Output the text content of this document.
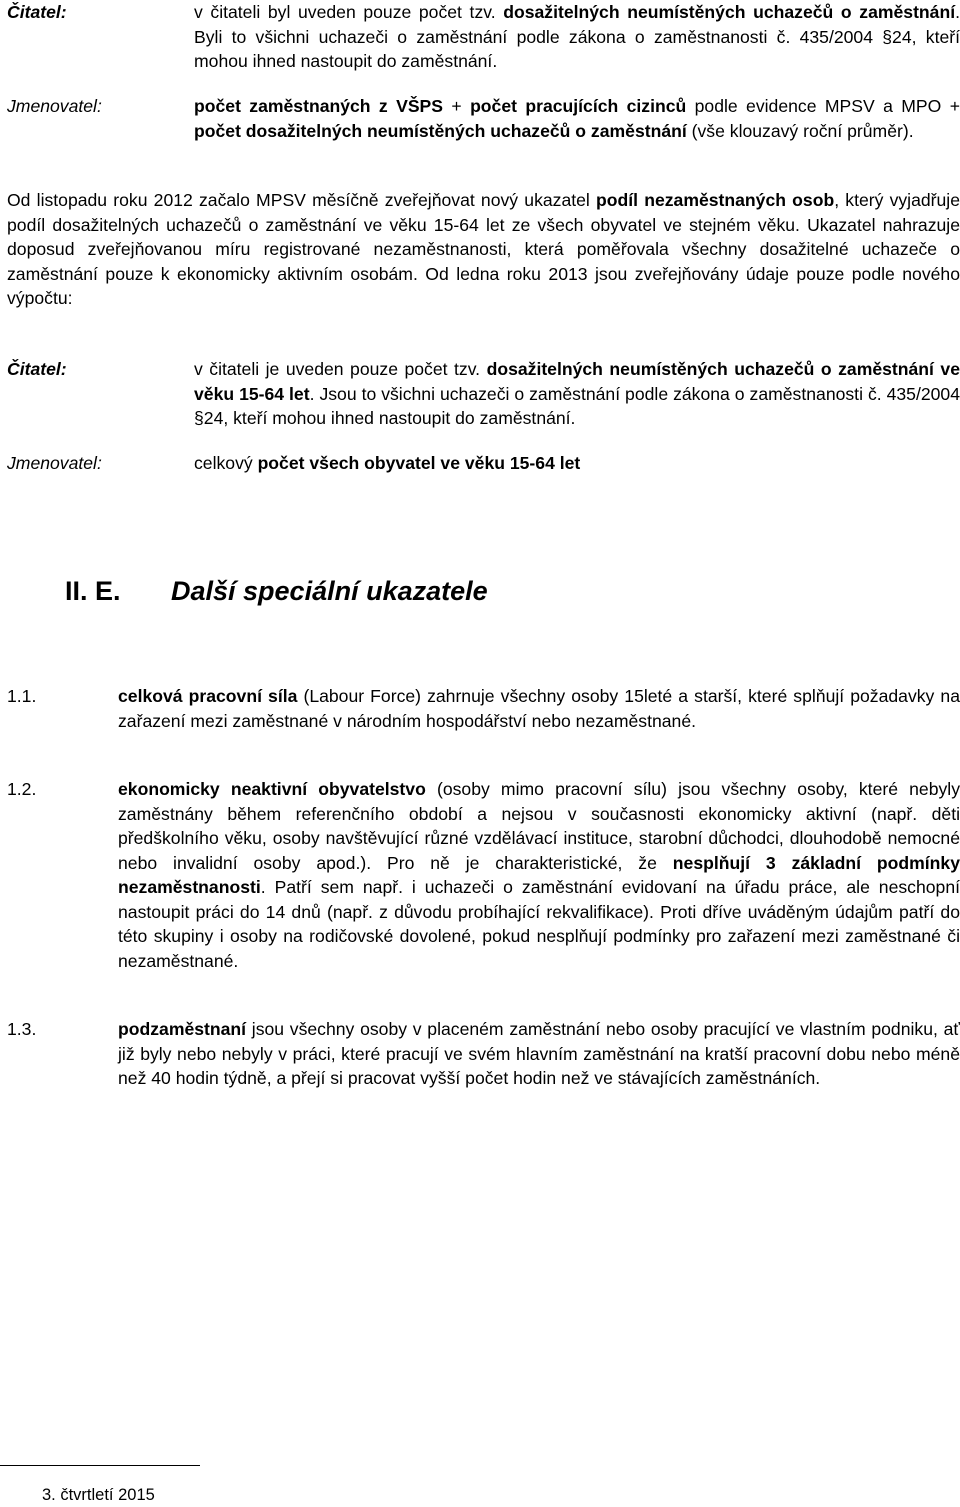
Čitatel:	v čitateli byl uveden pouze počet tzv. dosažitelných neumístěných uchazečů o zaměstnání. Byli to všichni uchazeči o zaměstnání podle zákona o zaměstnanosti č. 435/2004 §24, kteří mohou ihned nastoupit do zaměstnání.
Jmenovatel:	počet zaměstnaných z VŠPS + počet pracujících cizinců podle evidence MPSV a MPO + počet dosažitelných neumístěných uchazečů o zaměstnání (vše klouzavý roční průměr).
Od listopadu roku 2012 začalo MPSV měsíčně zveřejňovat nový ukazatel podíl nezaměstnaných osob, který vyjadřuje podíl dosažitelných uchazečů o zaměstnání ve věku 15-64 let ze všech obyvatel ve stejném věku. Ukazatel nahrazuje doposud zveřejňovanou míru registrované nezaměstnanosti, která poměřovala všechny dosažitelné uchazeče o zaměstnání pouze k ekonomicky aktivním osobám. Od ledna roku 2013 jsou zveřejňovány údaje pouze podle nového výpočtu:
Čitatel:	v čitateli je uveden pouze počet tzv. dosažitelných neumístěných uchazečů o zaměstnání ve věku 15-64 let. Jsou to všichni uchazeči o zaměstnání podle zákona o zaměstnanosti č. 435/2004 §24, kteří mohou ihned nastoupit do zaměstnání.
Jmenovatel:	celkový počet všech obyvatel ve věku 15-64 let
II. E. Další speciální ukazatele
1.1.	celková pracovní síla (Labour Force) zahrnuje všechny osoby 15leté a starší, které splňují požadavky na zařazení mezi zaměstnané v národním hospodářství nebo nezaměstnané.
1.2.	ekonomicky neaktivní obyvatelstvo (osoby mimo pracovní sílu) jsou všechny osoby, které nebyly zaměstnány během referenčního období a nejsou v současnosti ekonomicky aktivní (např. děti předškolního věku, osoby navštěvující různé vzdělávací instituce, starobní důchodci, dlouhodobě nemocné nebo invalidní osoby apod.). Pro ně je charakteristické, že nesplňují 3 základní podmínky nezaměstnanosti. Patří sem např. i uchazeči o zaměstnání evidovaní na úřadu práce, ale neschopní nastoupit práci do 14 dnů (např. z důvodu probíhající rekvalifikace). Proti dříve uváděným údajům patří do této skupiny i osoby na rodičovské dovolené, pokud nesplňují podmínky pro zařazení mezi zaměstnané či nezaměstnané.
1.3.	podzaměstnaní jsou všechny osoby v placeném zaměstnání nebo osoby pracující ve vlastním podniku, ať již byly nebo nebyly v práci, které pracují ve svém hlavním zaměstnání na kratší pracovní dobu nebo méně než 40 hodin týdně, a přejí si pracovat vyšší počet hodin než ve stávajících zaměstnáních.
3. čtvrtletí 2015
